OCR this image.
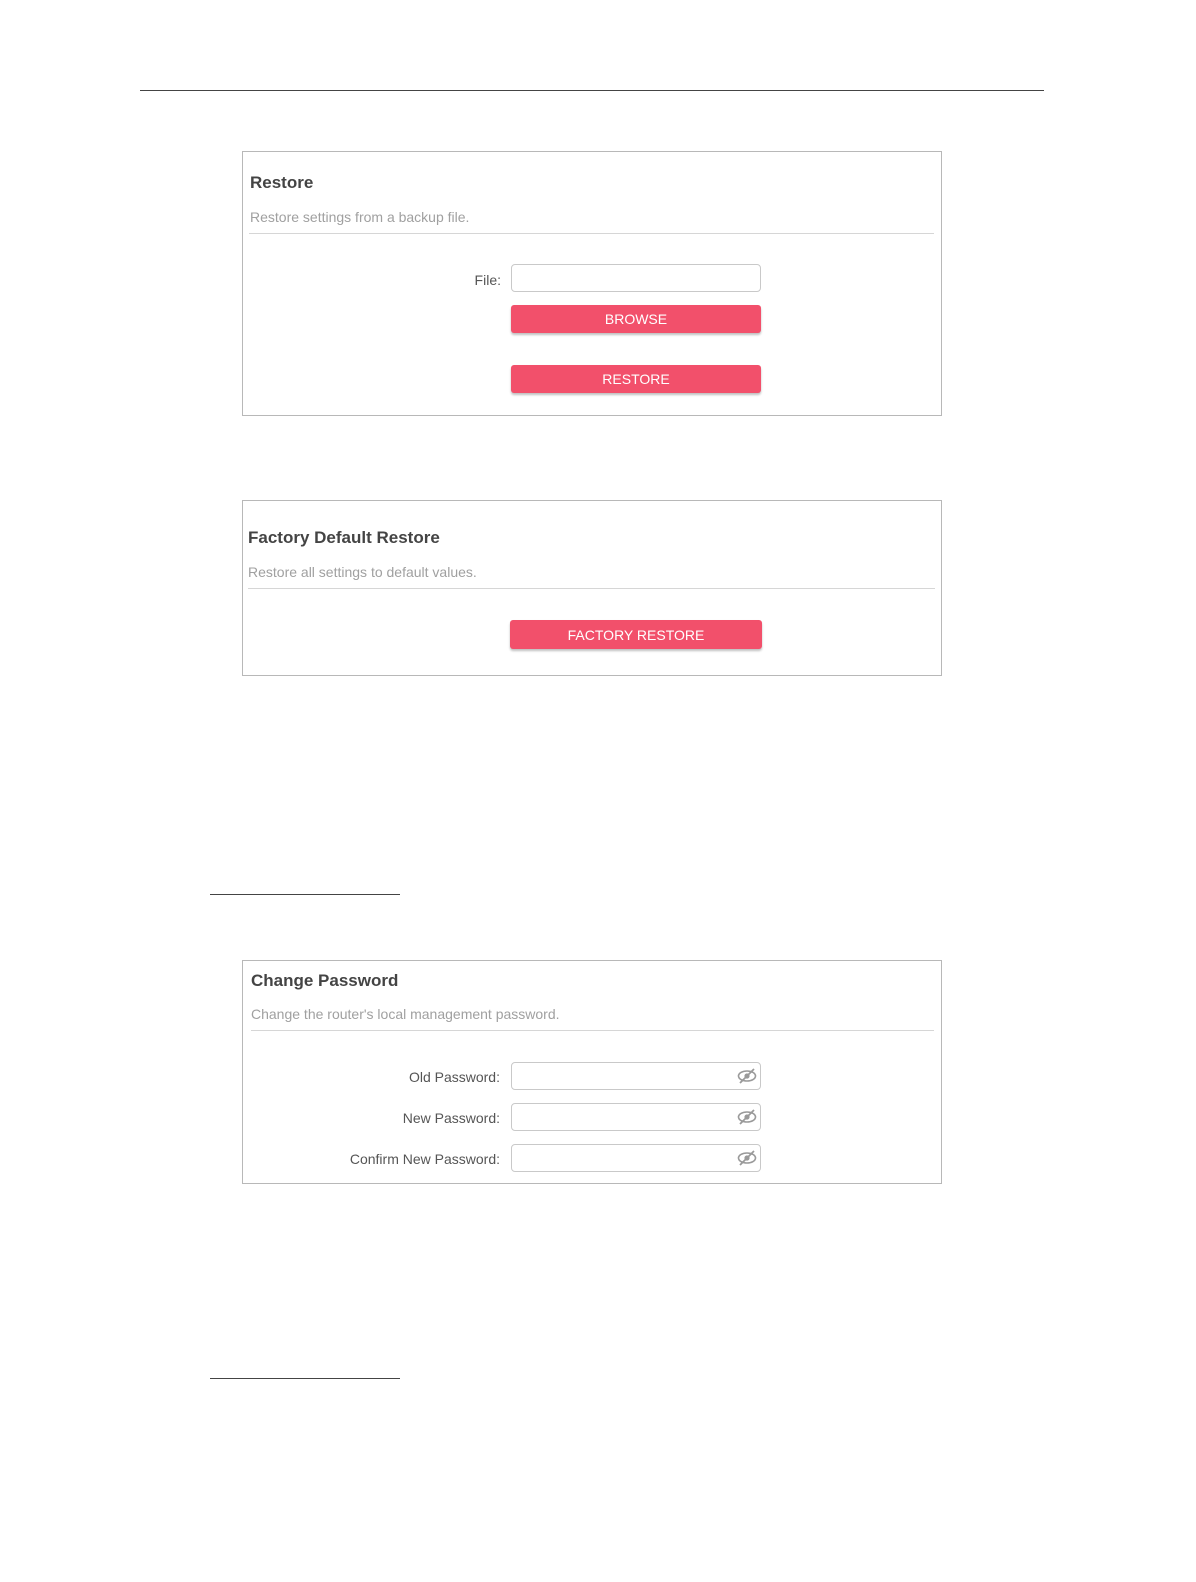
Restore
Restore settings from a backup file.
File:
BROWSE
RESTORE
Factory Default Restore
Restore all settings to default values.
FACTORY RESTORE
Change Password
Change the router's local management password.
Old Password:
New Password:
Confirm New Password:
